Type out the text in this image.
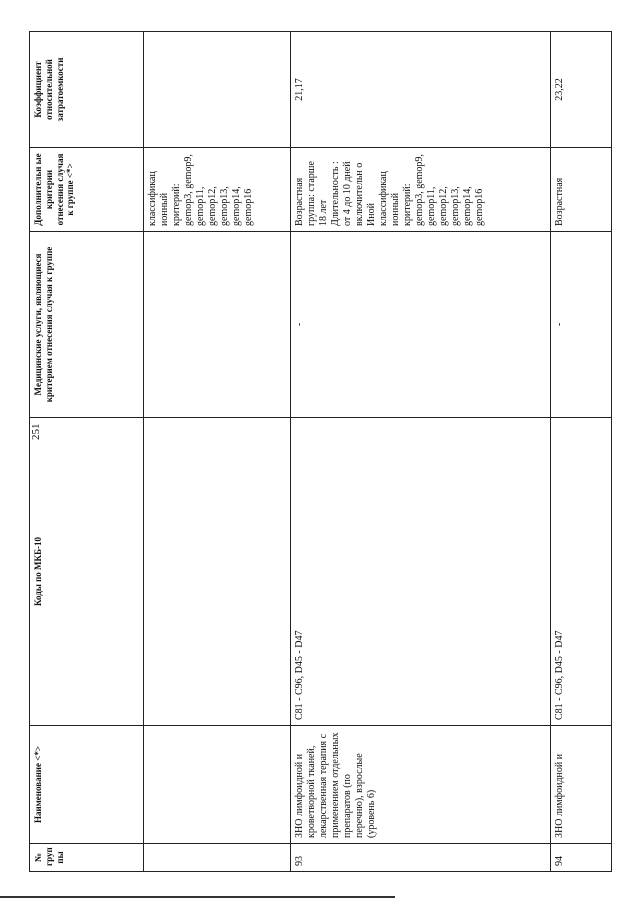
251
№ груп пы	Наименование <*>	Коды по МКБ-10	Медицинские услуги, являющиеся критерием отнесения случая к группе	Дополнительн ые критерии отнесения случая к группе <*>	Коэффициент относительной затратоемкости
				классификац ионный критерий: gemop3, gemop9, gemop11, gemop12, gemop13, gemop14, gemop16	
93	ЗНО лимфоидной и кроветворной тканей, лекарственная терапия с применением отдельных препаратов (по перечню), взрослые (уровень 6)	C81 - C96, D45 - D47	-	Возрастная группа: старше 18 лет Длительность : от 4 до 10 дней включительн о Иной классификац ионный критерий: gemop3, gemop9, gemop11, gemop12, gemop13, gemop14, gemop16	21,17
94	ЗНО лимфоидной и	C81 - C96, D45 - D47	-	Возрастная	23,22
